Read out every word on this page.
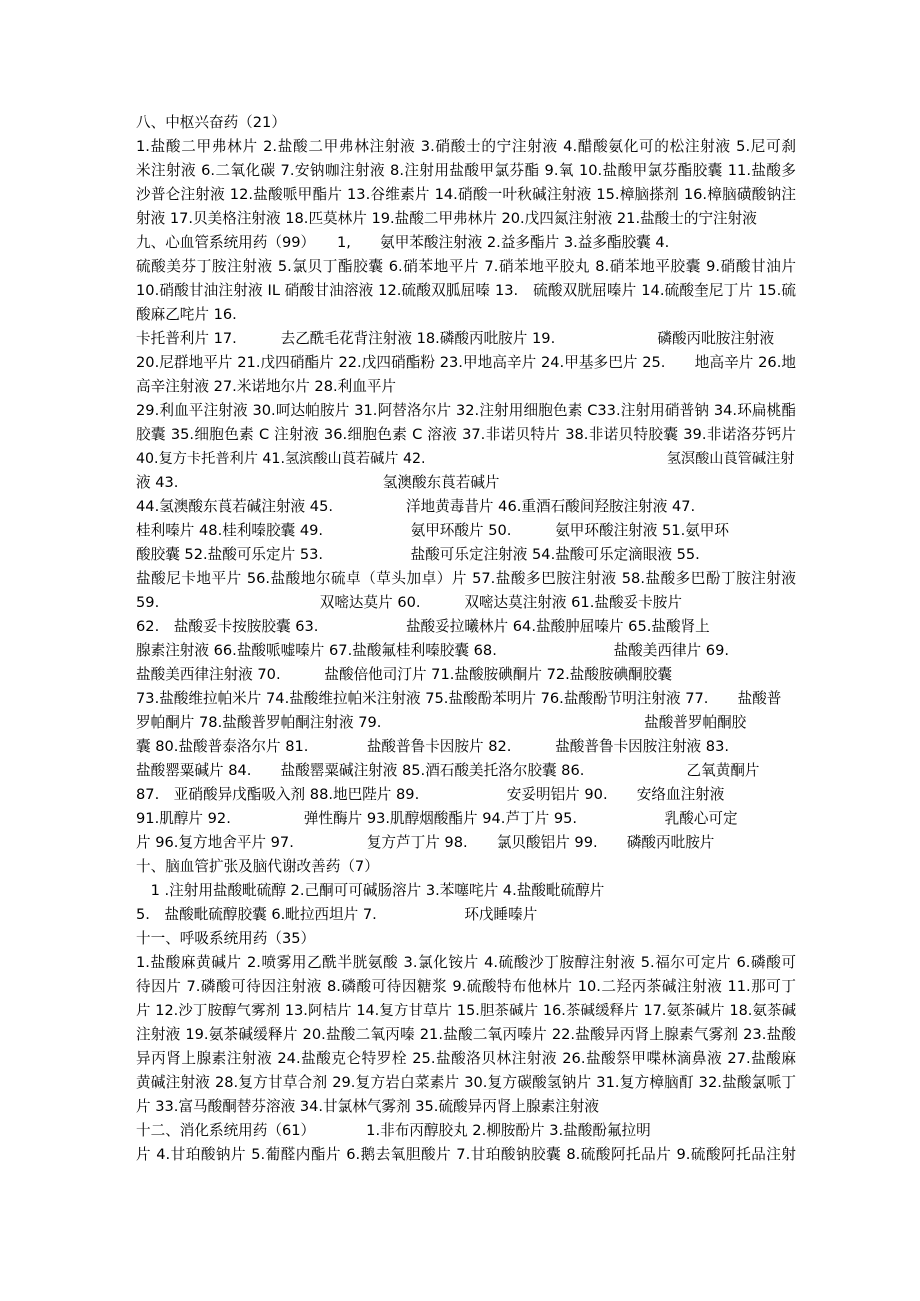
八、中枢兴奋药（21）
1.盐酸二甲弗林片 2.盐酸二甲弗林注射液 3.硝酸士的宁注射液 4.醋酸氨化可的松注射液 5.尼可刹
米注射液 6.二氧化碳 7.安钠咖注射液 8.注射用盐酸甲氯芬酯 9.氧 10.盐酸甲氯芬酯胶囊 11.盐酸多
沙普仑注射液 12.盐酸哌甲酯片 13.谷维素片 14.硝酸一叶秋碱注射液 15.樟脑搽剂 16.樟脑磺酸钠注
射液 17.贝美格注射液 18.匹莫林片 19.盐酸二甲弗林片 20.戊四氮注射液 21.盐酸士的宁注射液
九、心血管系统用药（99）　　1,　　氨甲苯酸注射液 2.益多酯片 3.益多酯胶囊 4.
硫酸美芬丁胺注射液 5.氯贝丁酯胶囊 6.硝苯地平片 7.硝苯地平胶丸 8.硝苯地平胶囊 9.硝酸甘油片
10.硝酸甘油注射液 IL 硝酸甘油溶液 12.硫酸双胍屈嗪 13.　硫酸双胱屈嗪片 14.硫酸奎尼丁片 15.硫
酸麻乙咤片 16.
卡托普利片 17.　　　去乙酰毛花背注射液 18.磷酸丙吡胺片 19.　　　　　　　磷酸丙吡胺注射液
20.尼群地平片 21.戊四硝酯片 22.戊四硝酯粉 23.甲地高辛片 24.甲基多巴片 25.　　地高辛片 26.地
高辛注射液 27.米诺地尔片 28.利血平片
29.利血平注射液 30.呵达帕胺片 31.阿替洛尔片 32.注射用细胞色素 C33.注射用硝普钠 34.环扁桃酯
胶囊 35.细胞色素 C 注射液 36.细胞色素 C 溶液 37.非诺贝特片 38.非诺贝特胶囊 39.非诺洛芬钙片
40.复方卡托普利片 41.氢滨酸山莨若碱片 42.　　　　　　　　　　　　　　　　　氢溟酸山莨管碱注射
液 43.　　　　　　　　　　　　　　氢澳酸东莨若碱片
44.氢澳酸东莨若碱注射液 45.　　　　　洋地黄毒昔片 46.重酒石酸间羟胺注射液 47.
桂利嗪片 48.桂利嗪胶囊 49.　　　　　　氨甲环酸片 50.　　　氨甲环酸注射液 51.氨甲环
酸胶囊 52.盐酸可乐定片 53.　　　　　　盐酸可乐定注射液 54.盐酸可乐定滴眼液 55.
盐酸尼卡地平片 56.盐酸地尔硫卓（草头加卓）片 57.盐酸多巴胺注射液 58.盐酸多巴酚丁胺注射液
59.　　　　　　　　　　　双嘧达莫片 60.　　　双嘧达莫注射液 61.盐酸妥卡胺片
62.　盐酸妥卡按胺胶囊 63.　　　　　　盐酸妥拉曦林片 64.盐酸肿屈嗪片 65.盐酸肾上
腺素注射液 66.盐酸哌嘘嗪片 67.盐酸氟桂利嗪胶囊 68.　　　　　　　　盐酸美西律片 69.
盐酸美西律注射液 70.　　　盐酸倍他司汀片 71.盐酸胺碘酮片 72.盐酸胺碘酮胶囊
73.盐酸维拉帕米片 74.盐酸维拉帕米注射液 75.盐酸酚苯明片 76.盐酸酚节明注射液 77.　　盐酸普
罗帕酮片 78.盐酸普罗帕酮注射液 79.　　　　　　　　　　　　　　　　　　盐酸普罗帕酮胶
囊 80.盐酸普泰洛尔片 81.　　　　盐酸普鲁卡因胺片 82.　　　盐酸普鲁卡因胺注射液 83.
盐酸罂粟碱片 84.　　盐酸罂粟碱注射液 85.酒石酸美托洛尔胶囊 86.　　　　　　　乙氧黄酮片
87.　亚硝酸异戊酯吸入剂 88.地巴陛片 89.　　　　　　安妥明铝片 90.　　安络血注射液
91.肌醇片 92.　　　　　弹性酶片 93.肌醇烟酸酯片 94.芦丁片 95.　　　　　　乳酸心可定
片 96.复方地舍平片 97.　　　　　复方芦丁片 98.　　氯贝酸铝片 99.　　磷酸丙吡胺片
十、脑血管扩张及脑代谢改善药（7）
　1 .注射用盐酸毗硫醇 2.己酮可可碱肠溶片 3.苯噻咤片 4.盐酸毗硫醇片
5.　盐酸毗硫醇胶囊 6.毗拉西坦片 7.　　　　　　环戊睡嗪片
十一、呼吸系统用药（35）
1.盐酸麻黄碱片 2.喷雾用乙酰半胱氨酸 3.氯化铵片 4.硫酸沙丁胺醇注射液 5.福尔可定片 6.磷酸可
待因片 7.磷酸可待因注射液 8.磷酸可待因糖浆 9.硫酸特布他林片 10.二羟丙茶碱注射液 11.那可丁
片 12.沙丁胺醇气雾剂 13.阿桔片 14.复方甘草片 15.胆茶碱片 16.茶碱缓释片 17.氨茶碱片 18.氨茶碱
注射液 19.氨茶碱缓释片 20.盐酸二氧丙嗪 21.盐酸二氧丙嗪片 22.盐酸异丙肾上腺素气雾剂 23.盐酸
异丙肾上腺素注射液 24.盐酸克仑特罗栓 25.盐酸洛贝林注射液 26.盐酸祭甲喋林滴鼻液 27.盐酸麻
黄碱注射液 28.复方甘草合剂 29.复方岩白菜素片 30.复方碳酸氢钠片 31.复方樟脑酊 32.盐酸氯哌丁
片 33.富马酸酮替芬溶液 34.甘氯林气雾剂 35.硫酸异丙肾上腺素注射液
十二、消化系统用药（61）　　　　1.非布丙醇胶丸 2.柳胺酚片 3.盐酸酚氟拉明
片 4.甘珀酸钠片 5.葡醛内酯片 6.鹅去氧胆酸片 7.甘珀酸钠胶囊 8.硫酸阿托品片 9.硫酸阿托品注射
